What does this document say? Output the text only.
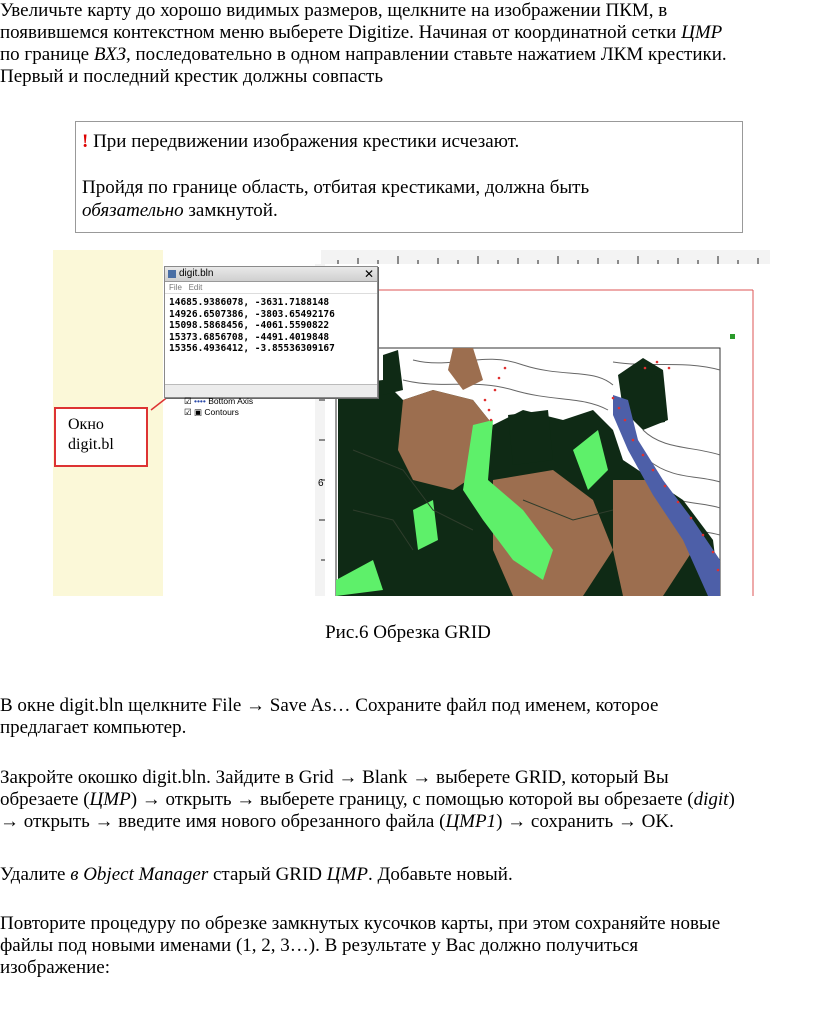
Увеличьте карту до хорошо видимых размеров, щелкните на изображении ПКМ, в
появившемся контекстном меню выберете Digitize. Начиная от координатной сетки ЦМР
по границе ВХЗ, последовательно в одном направлении ставьте нажатием ЛКМ крестики.
Первый и последний крестик должны совпасть

! При передвижении изображения крестики исчезают.

Пройдя по границе область, отбитая крестиками, должна быть
обязательно замкнутой.
digit.bln	✕
File Edit
14685.9386078, -3631.7188148
14926.6507386, -3803.65492176
15098.5868456, -4061.5590822
15373.6856708, -4491.4019848
15356.4936412, -3.85536309167
☑ •••• Bottom Axis
☑ ▣ Contours
6
Окно
digit.bl
Рис.6 Обрезка GRID

В окне digit.bln щелкните File → Save As… Сохраните файл под именем, которое
предлагает компьютер.

Закройте окошко digit.bln. Зайдите в Grid → Blank → выберете GRID, который Вы
обрезаете (ЦМР) → открыть → выберете границу, с помощью которой вы обрезаете (digit)
→ открыть → введите имя нового обрезанного файла (ЦМР1) → сохранить → OK.

Удалите в Object Manager старый GRID ЦМР. Добавьте новый.

Повторите процедуру по обрезке замкнутых кусочков карты, при этом сохраняйте новые
файлы под новыми именами (1, 2, 3…). В результате у Вас должно получиться
изображение:
